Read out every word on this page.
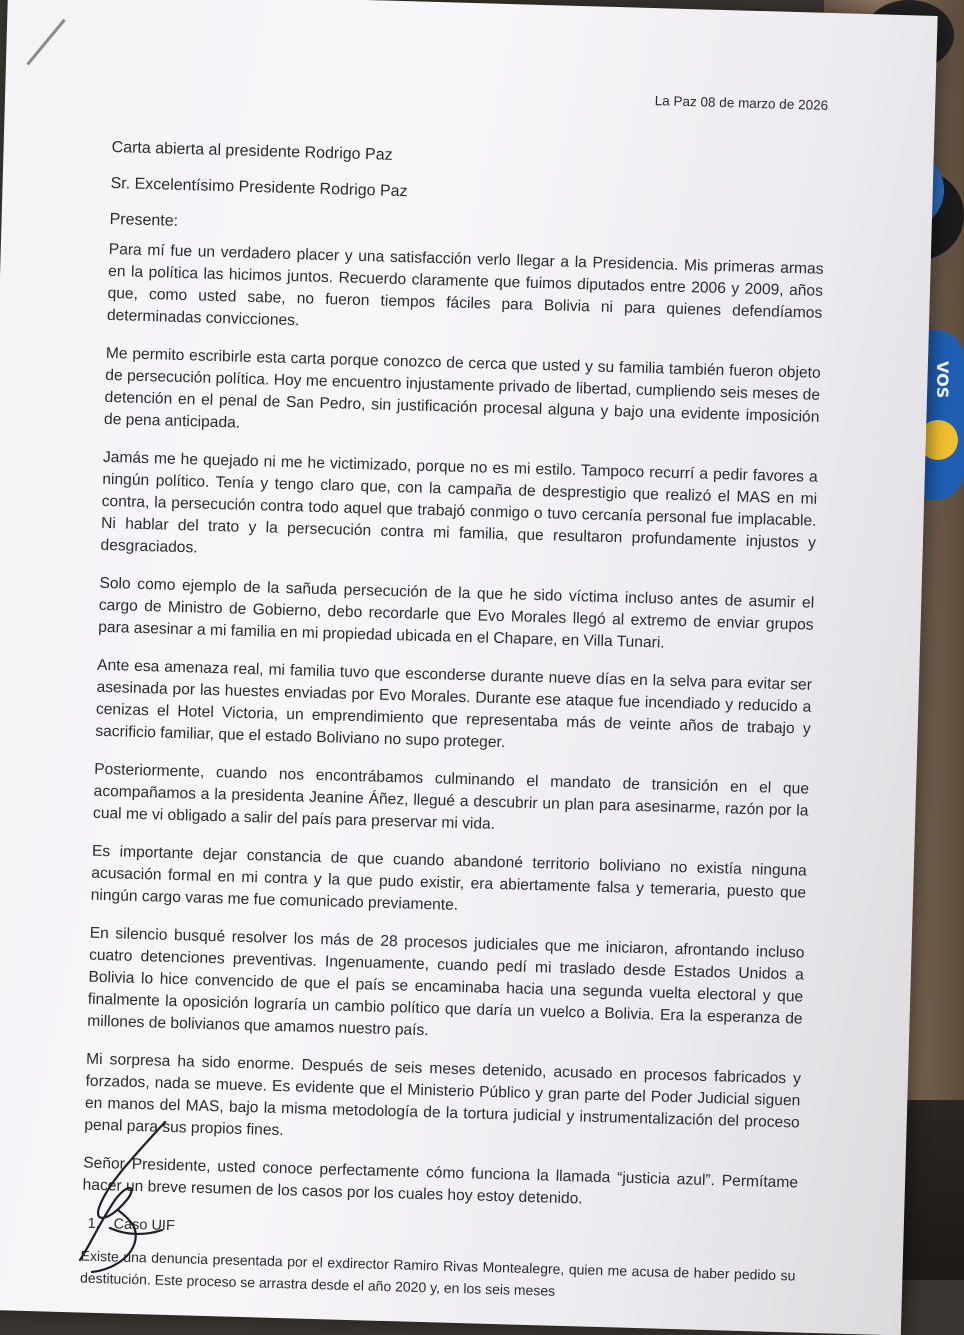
VOS
La Paz 08 de marzo de 2026

Carta abierta al presidente Rodrigo Paz

Sr. Excelentísimo Presidente Rodrigo Paz

Presente:

Para mí fue un verdadero placer y una satisfacción verlo llegar a la Presidencia. Mis primeras armas en la política las hicimos juntos. Recuerdo claramente que fuimos diputados entre 2006 y 2009, años que, como usted sabe, no fueron tiempos fáciles para Bolivia ni para quienes defendíamos determinadas convicciones.

Me permito escribirle esta carta porque conozco de cerca que usted y su familia también fueron objeto de persecución política. Hoy me encuentro injustamente privado de libertad, cumpliendo seis meses de detención en el penal de San Pedro, sin justificación procesal alguna y bajo una evidente imposición de pena anticipada.

Jamás me he quejado ni me he victimizado, porque no es mi estilo. Tampoco recurrí a pedir favores a ningún político. Tenía y tengo claro que, con la campaña de desprestigio que realizó el MAS en mi contra, la persecución contra todo aquel que trabajó conmigo o tuvo cercanía personal fue implacable. Ni hablar del trato y la persecución contra mi familia, que resultaron profundamente injustos y desgraciados.

Solo como ejemplo de la sañuda persecución de la que he sido víctima incluso antes de asumir el cargo de Ministro de Gobierno, debo recordarle que Evo Morales llegó al extremo de enviar grupos para asesinar a mi familia en mi propiedad ubicada en el Chapare, en Villa Tunari.

Ante esa amenaza real, mi familia tuvo que esconderse durante nueve días en la selva para evitar ser asesinada por las huestes enviadas por Evo Morales. Durante ese ataque fue incendiado y reducido a cenizas el Hotel Victoria, un emprendimiento que representaba más de veinte años de trabajo y sacrificio familiar, que el estado Boliviano no supo proteger.

Posteriormente, cuando nos encontrábamos culminando el mandato de transición en el que acompañamos a la presidenta Jeanine Áñez, llegué a descubrir un plan para asesinarme, razón por la cual me vi obligado a salir del país para preservar mi vida.

Es importante dejar constancia de que cuando abandoné territorio boliviano no existía ninguna acusación formal en mi contra y la que pudo existir, era abiertamente falsa y temeraria, puesto que ningún cargo varas me fue comunicado previamente.

En silencio busqué resolver los más de 28 procesos judiciales que me iniciaron, afrontando incluso cuatro detenciones preventivas. Ingenuamente, cuando pedí mi traslado desde Estados Unidos a Bolivia lo hice convencido de que el país se encaminaba hacia una segunda vuelta electoral y que finalmente la oposición lograría un cambio político que daría un vuelco a Bolivia. Era la esperanza de millones de bolivianos que amamos nuestro país.

Mi sorpresa ha sido enorme. Después de seis meses detenido, acusado en procesos fabricados y forzados, nada se mueve. Es evidente que el Ministerio Público y gran parte del Poder Judicial siguen en manos del MAS, bajo la misma metodología de la tortura judicial y instrumentalización del proceso penal para sus propios fines.

Señor Presidente, usted conoce perfectamente cómo funciona la llamada “justicia azul”. Permítame hacer un breve resumen de los casos por los cuales hoy estoy detenido.

1. Caso UIF

Existe una denuncia presentada por el exdirector Ramiro Rivas Montealegre, quien me acusa de haber pedido su destitución. Este proceso se arrastra desde el año 2020 y, en los seis meses
